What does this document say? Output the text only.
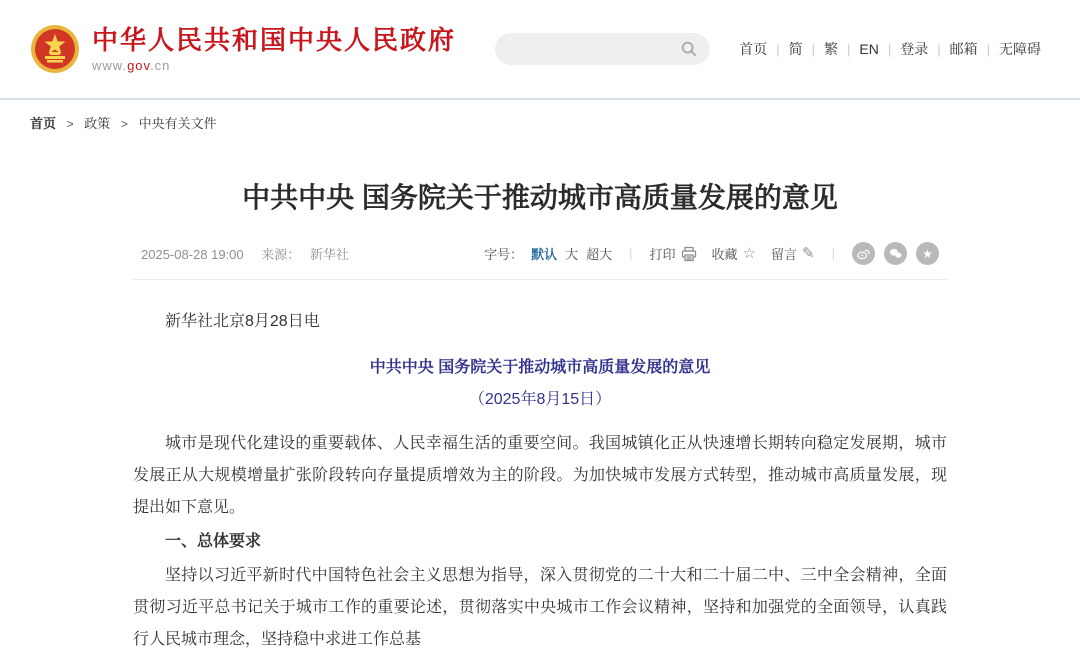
中华人民共和国中央人民政府
www.gov.cn
首页 | 简 | 繁 | EN | 登录 | 邮箱 | 无障碍
首页 > 政策 > 中央有关文件
中共中央 国务院关于推动城市高质量发展的意见
2025-08-28 19:00 来源： 新华社	字号： 默认 大 超大 | 打印	收藏 ☆ 留言 ✎ |	★

新华社北京8月28日电

中共中央 国务院关于推动城市高质量发展的意见

（2025年8月15日）

城市是现代化建设的重要载体、人民幸福生活的重要空间。我国城镇化正从快速增长期转向稳定发展期，城市发展正从大规模增量扩张阶段转向存量提质增效为主的阶段。为加快城市发展方式转型，推动城市高质量发展，现提出如下意见。

一、总体要求

坚持以习近平新时代中国特色社会主义思想为指导，深入贯彻党的二十大和二十届二中、三中全会精神，全面贯彻习近平总书记关于城市工作的重要论述，贯彻落实中央城市工作会议精神，坚持和加强党的全面领导，认真践行人民城市理念，坚持稳中求进工作总基
